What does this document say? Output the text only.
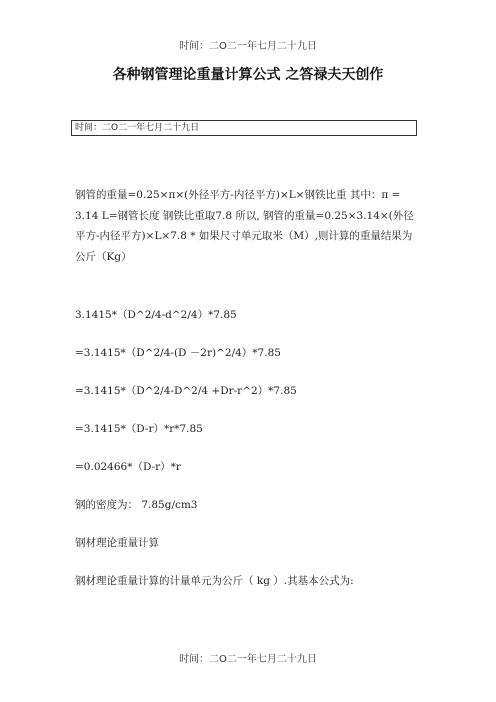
时间：二O二一年七月二十九日
各种钢管理论重量计算公式 之答禄夫天创作
时间：二O二一年七月二十九日

钢管的重量=0.25×π×(外径平方-内径平方)×L×钢铁比重 其中：π = 3.14 L=钢管长度 钢铁比重取7.8 所以, 钢管的重量=0.25×3.14×(外径平方-内径平方)×L×7.8 * 如果尺寸单元取米（M）,则计算的重量结果为公斤（Kg）

3.1415*（D^2/4-d^2/4）*7.85

=3.1415*（D^2/4-(D －2r)^2/4）*7.85

=3.1415*（D^2/4-D^2/4 +Dr-r^2）*7.85

=3.1415*（D-r）*r*7.85

=0.02466*（D-r）*r

钢的密度为： 7.85g/cm3

钢材理论重量计算

钢材理论重量计算的计量单元为公斤（ kg ）.其基本公式为:

时间：二O二一年七月二十九日
